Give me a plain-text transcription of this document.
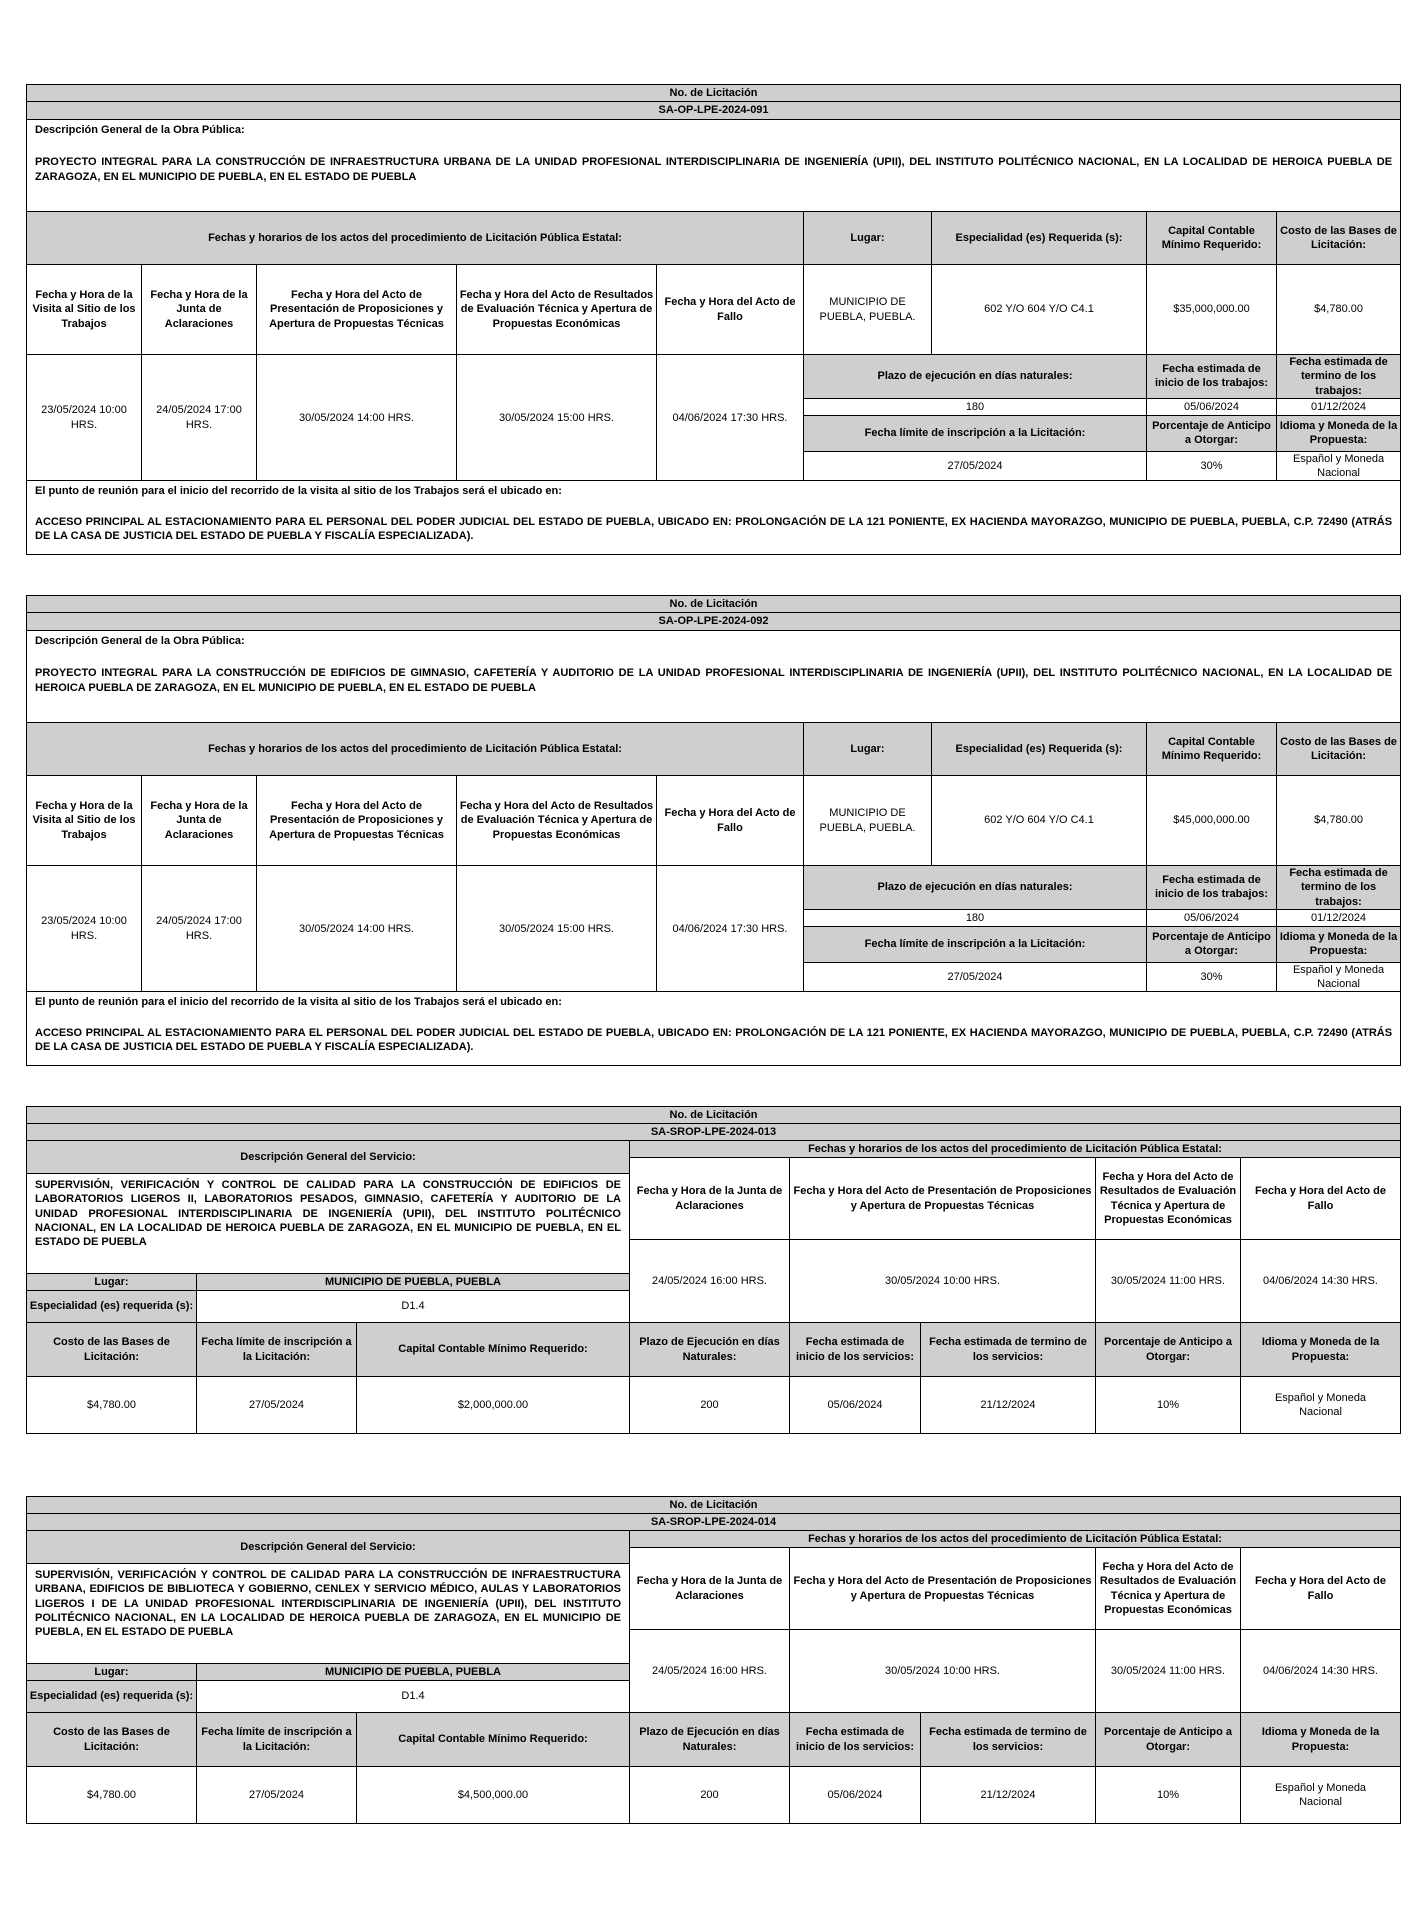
No. de Licitación								
SA-OP-LPE-2024-091								

Descripción General de la Obra Pública:
PROYECTO INTEGRAL PARA LA CONSTRUCCIÓN DE INFRAESTRUCTURA URBANA DE LA UNIDAD PROFESIONAL INTERDISCIPLINARIA DE INGENIERÍA (UPII), DEL INSTITUTO POLITÉCNICO NACIONAL, EN LA LOCALIDAD DE HEROICA PUEBLA DE ZARAGOZA, EN EL MUNICIPIO DE PUEBLA, EN EL ESTADO DE PUEBLA								

Fechas y horarios de los actos del procedimiento de Licitación Pública Estatal:					Lugar:	Especialidad (es) Requerida (s):	Capital Contable Mínimo Requerido:	Costo de las Bases de Licitación:
Fecha y Hora de la Visita al Sitio de los Trabajos	Fecha y Hora de la Junta de Aclaraciones	Fecha y Hora del Acto de Presentación de Proposiciones y Apertura de Propuestas Técnicas	Fecha y Hora del Acto de Resultados de Evaluación Técnica y Apertura de Propuestas Económicas	Fecha y Hora del Acto de Fallo	MUNICIPIO DE PUEBLA, PUEBLA.	602 Y/O 604 Y/O C4.1	$35,000,000.00	$4,780.00
23/05/2024 10:00 HRS.	24/05/2024 17:00 HRS.	30/05/2024 14:00 HRS.	30/05/2024 15:00 HRS.	04/06/2024 17:30 HRS.	Plazo de ejecución en días naturales:		Fecha estimada de inicio de los trabajos:	Fecha estimada de termino de los trabajos:
					180		05/06/2024	01/12/2024
					Fecha límite de inscripción a la Licitación:		Porcentaje de Anticipo a Otorgar:	Idioma y Moneda de la Propuesta:
					27/05/2024		30%	Español y Moneda Nacional

El punto de reunión para el inicio del recorrido de la visita al sitio de los Trabajos será el ubicado en:
ACCESO PRINCIPAL AL ESTACIONAMIENTO PARA EL PERSONAL DEL PODER JUDICIAL DEL ESTADO DE PUEBLA, UBICADO EN: PROLONGACIÓN DE LA 121 PONIENTE, EX HACIENDA MAYORAZGO, MUNICIPIO DE PUEBLA, PUEBLA, C.P. 72490 (ATRÁS DE LA CASA DE JUSTICIA DEL ESTADO DE PUEBLA Y FISCALÍA ESPECIALIZADA).								
No. de Licitación								
SA-OP-LPE-2024-092								

Descripción General de la Obra Pública:
PROYECTO INTEGRAL PARA LA CONSTRUCCIÓN DE EDIFICIOS DE GIMNASIO, CAFETERÍA Y AUDITORIO DE LA UNIDAD PROFESIONAL INTERDISCIPLINARIA DE INGENIERÍA (UPII), DEL INSTITUTO POLITÉCNICO NACIONAL, EN LA LOCALIDAD DE HEROICA PUEBLA DE ZARAGOZA, EN EL MUNICIPIO DE PUEBLA, EN EL ESTADO DE PUEBLA								

Fechas y horarios de los actos del procedimiento de Licitación Pública Estatal:					Lugar:	Especialidad (es) Requerida (s):	Capital Contable Mínimo Requerido:	Costo de las Bases de Licitación:
Fecha y Hora de la Visita al Sitio de los Trabajos	Fecha y Hora de la Junta de Aclaraciones	Fecha y Hora del Acto de Presentación de Proposiciones y Apertura de Propuestas Técnicas	Fecha y Hora del Acto de Resultados de Evaluación Técnica y Apertura de Propuestas Económicas	Fecha y Hora del Acto de Fallo	MUNICIPIO DE PUEBLA, PUEBLA.	602 Y/O 604 Y/O C4.1	$45,000,000.00	$4,780.00
23/05/2024 10:00 HRS.	24/05/2024 17:00 HRS.	30/05/2024 14:00 HRS.	30/05/2024 15:00 HRS.	04/06/2024 17:30 HRS.	Plazo de ejecución en días naturales:		Fecha estimada de inicio de los trabajos:	Fecha estimada de termino de los trabajos:
					180		05/06/2024	01/12/2024
					Fecha límite de inscripción a la Licitación:		Porcentaje de Anticipo a Otorgar:	Idioma y Moneda de la Propuesta:
					27/05/2024		30%	Español y Moneda Nacional

El punto de reunión para el inicio del recorrido de la visita al sitio de los Trabajos será el ubicado en:
ACCESO PRINCIPAL AL ESTACIONAMIENTO PARA EL PERSONAL DEL PODER JUDICIAL DEL ESTADO DE PUEBLA, UBICADO EN: PROLONGACIÓN DE LA 121 PONIENTE, EX HACIENDA MAYORAZGO, MUNICIPIO DE PUEBLA, PUEBLA, C.P. 72490 (ATRÁS DE LA CASA DE JUSTICIA DEL ESTADO DE PUEBLA Y FISCALÍA ESPECIALIZADA).								
No. de Licitación							
SA-SROP-LPE-2024-013							
Descripción General del Servicio:			Fechas y horarios de los actos del procedimiento de Licitación Pública Estatal:				
			Fecha y Hora de la Junta de Aclaraciones	Fecha y Hora del Acto de Presentación de Proposiciones y Apertura de Propuestas Técnicas		Fecha y Hora del Acto de Resultados de Evaluación Técnica y Apertura de Propuestas Económicas	Fecha y Hora del Acto de Fallo
SUPERVISIÓN, VERIFICACIÓN Y CONTROL DE CALIDAD PARA LA CONSTRUCCIÓN DE EDIFICIOS DE LABORATORIOS LIGEROS II, LABORATORIOS PESADOS, GIMNASIO, CAFETERÍA Y AUDITORIO DE LA UNIDAD PROFESIONAL INTERDISCIPLINARIA DE INGENIERÍA (UPII), DEL INSTITUTO POLITÉCNICO NACIONAL, EN LA LOCALIDAD DE HEROICA PUEBLA DE ZARAGOZA, EN EL MUNICIPIO DE PUEBLA, EN EL ESTADO DE PUEBLA							

			24/05/2024 16:00 HRS.	30/05/2024 10:00 HRS.		30/05/2024 11:00 HRS.	04/06/2024 14:30 HRS.
Lugar:	MUNICIPIO DE PUEBLA, PUEBLA						
Especialidad (es) requerida (s):	D1.4						
Costo de las Bases de Licitación:	Fecha límite de inscripción a la Licitación:	Capital Contable Mínimo Requerido:	Plazo de Ejecución en días Naturales:	Fecha estimada de inicio de los servicios:	Fecha estimada de termino de los servicios:	Porcentaje de Anticipo a Otorgar:	Idioma y Moneda de la Propuesta:
$4,780.00	27/05/2024	$2,000,000.00	200	05/06/2024	21/12/2024	10%	Español y Moneda Nacional
No. de Licitación							
SA-SROP-LPE-2024-014							
Descripción General del Servicio:			Fechas y horarios de los actos del procedimiento de Licitación Pública Estatal:				
			Fecha y Hora de la Junta de Aclaraciones	Fecha y Hora del Acto de Presentación de Proposiciones y Apertura de Propuestas Técnicas		Fecha y Hora del Acto de Resultados de Evaluación Técnica y Apertura de Propuestas Económicas	Fecha y Hora del Acto de Fallo
SUPERVISIÓN, VERIFICACIÓN Y CONTROL DE CALIDAD PARA LA CONSTRUCCIÓN DE INFRAESTRUCTURA URBANA, EDIFICIOS DE BIBLIOTECA Y GOBIERNO, CENLEX Y SERVICIO MÉDICO, AULAS Y LABORATORIOS LIGEROS I DE LA UNIDAD PROFESIONAL INTERDISCIPLINARIA DE INGENIERÍA (UPII), DEL INSTITUTO POLITÉCNICO NACIONAL, EN LA LOCALIDAD DE HEROICA PUEBLA DE ZARAGOZA, EN EL MUNICIPIO DE PUEBLA, EN EL ESTADO DE PUEBLA							

			24/05/2024 16:00 HRS.	30/05/2024 10:00 HRS.		30/05/2024 11:00 HRS.	04/06/2024 14:30 HRS.
Lugar:	MUNICIPIO DE PUEBLA, PUEBLA						
Especialidad (es) requerida (s):	D1.4						
Costo de las Bases de Licitación:	Fecha límite de inscripción a la Licitación:	Capital Contable Mínimo Requerido:	Plazo de Ejecución en días Naturales:	Fecha estimada de inicio de los servicios:	Fecha estimada de termino de los servicios:	Porcentaje de Anticipo a Otorgar:	Idioma y Moneda de la Propuesta:
$4,780.00	27/05/2024	$4,500,000.00	200	05/06/2024	21/12/2024	10%	Español y Moneda Nacional
